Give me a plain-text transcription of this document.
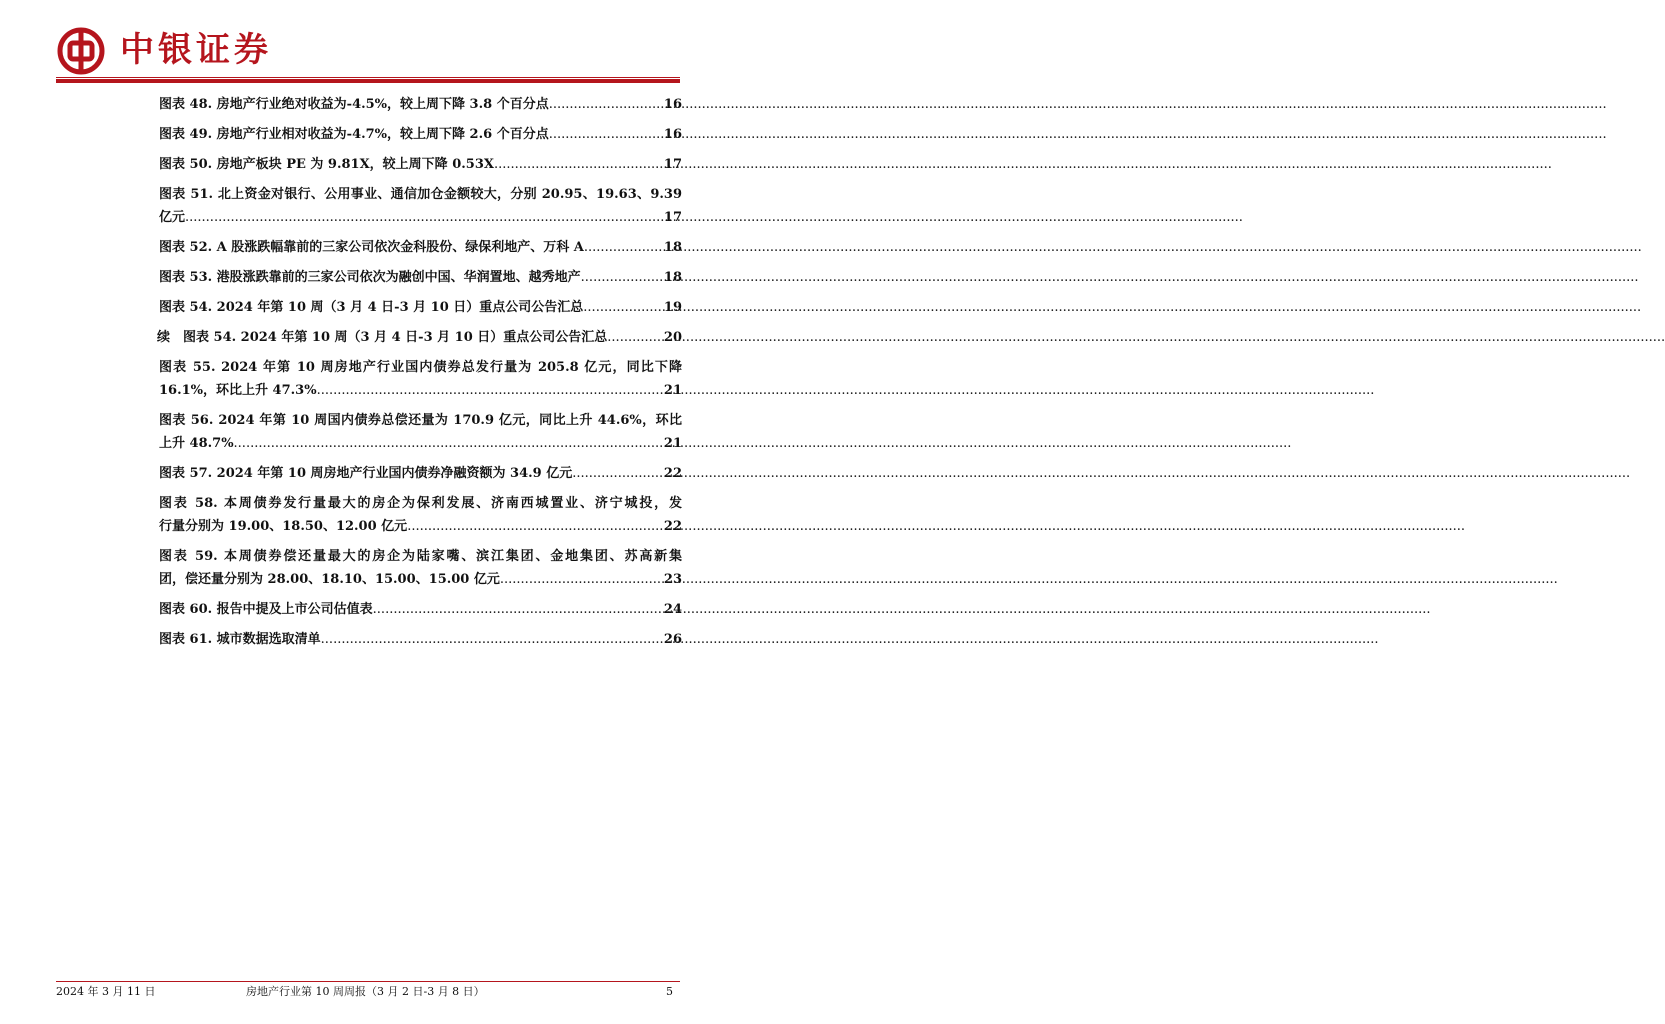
中银证券
图表 48. 房地产行业绝对收益为-4.5%，较上周下降 3.8 个百分点 .....	16
图表 49. 房地产行业相对收益为-4.7%，较上周下降 2.6 个百分点 .....	16
图表 50. 房地产板块 PE 为 9.81X，较上周下降 0.53X .....	17
图表 51. 北上资金对银行、公用事业、通信加仓金额较大，分别 20.95、19.63、9.39
亿元 .....	17
图表 52. A 股涨跌幅靠前的三家公司依次金科股份、绿保利地产、万科 A .....	18
图表 53. 港股涨跌靠前的三家公司依次为融创中国、华润置地、越秀地产 .....	18
图表 54. 2024 年第 10 周（3 月 4 日-3 月 10 日）重点公司公告汇总 .....	19
续 图表 54. 2024 年第 10 周（3 月 4 日-3 月 10 日）重点公司公告汇总 .....	20
图表 55. 2024 年第 10 周房地产行业国内债券总发行量为 205.8 亿元，同比下降
16.1%，环比上升 47.3% .....	21
图表 56. 2024 年第 10 周国内债券总偿还量为 170.9 亿元，同比上升 44.6%，环比
上升 48.7% .....	21
图表 57. 2024 年第 10 周房地产行业国内债券净融资额为 34.9 亿元 .....	22
图表 58. 本周债券发行量最大的房企为保利发展、济南西城置业、济宁城投，发
行量分别为 19.00、18.50、12.00 亿元 .....	22
图表 59. 本周债券偿还量最大的房企为陆家嘴、滨江集团、金地集团、苏高新集
团，偿还量分别为 28.00、18.10、15.00、15.00 亿元 .....	23
图表 60. 报告中提及上市公司估值表 .....	24
图表 61. 城市数据选取清单 .....	26
2024 年 3 月 11 日	房地产行业第 10 周周报（3 月 2 日-3 月 8 日）	5
